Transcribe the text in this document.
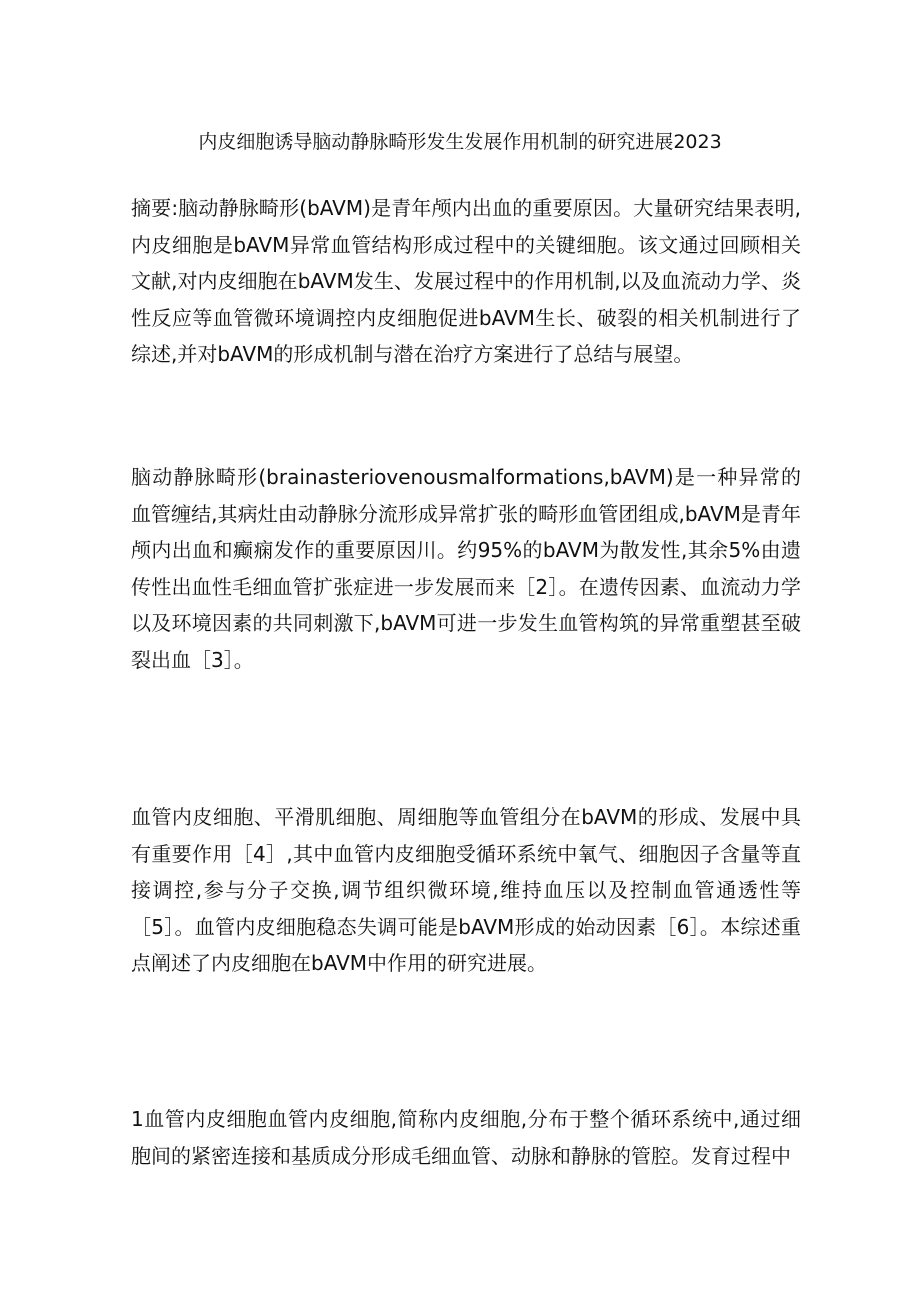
内皮细胞诱导脑动静脉畸形发生发展作用机制的研究进展2023

摘要:脑动静脉畸形(bAVM)是青年颅内出血的重要原因。大量研究结果表明,内皮细胞是bAVM异常血管结构形成过程中的关键细胞。该文通过回顾相关文献,对内皮细胞在bAVM发生、发展过程中的作用机制,以及血流动力学、炎性反应等血管微环境调控内皮细胞促进bAVM生长、破裂的相关机制进行了综述,并对bAVM的形成机制与潜在治疗方案进行了总结与展望。

脑动静脉畸形(brainasteriovenousmalformations,bAVM)是一种异常的血管缠结,其病灶由动静脉分流形成异常扩张的畸形血管团组成,bAVM是青年颅内出血和癫痫发作的重要原因川。约95%的bAVM为散发性,其余5%由遗传性出血性毛细血管扩张症进一步发展而来［2］。在遗传因素、血流动力学以及环境因素的共同刺激下,bAVM可进一步发生血管构筑的异常重塑甚至破裂出血［3］。

血管内皮细胞、平滑肌细胞、周细胞等血管组分在bAVM的形成、发展中具有重要作用［4］,其中血管内皮细胞受循环系统中氧气、细胞因子含量等直接调控,参与分子交换,调节组织微环境,维持血压以及控制血管通透性等［5］。血管内皮细胞稳态失调可能是bAVM形成的始动因素［6］。本综述重点阐述了内皮细胞在bAVM中作用的研究进展。

1血管内皮细胞血管内皮细胞,简称内皮细胞,分布于整个循环系统中,通过细胞间的紧密连接和基质成分形成毛细血管、动脉和静脉的管腔。发育过程中
